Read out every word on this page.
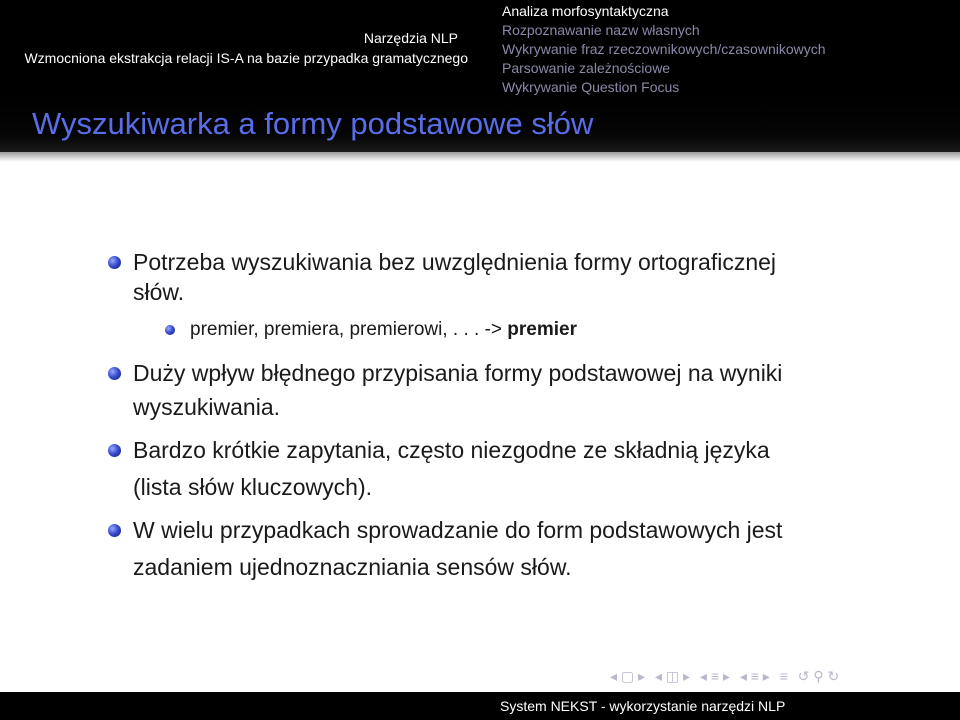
Narzędzia NLP
Wzmocniona ekstrakcja relacji IS-A na bazie przypadka gramatycznego
Analiza morfosyntaktyczna
Rozpoznawanie nazw własnych
Wykrywanie fraz rzeczownikowych/czasownikowych
Parsowanie zależnościowe
Wykrywanie Question Focus
Wyszukiwarka a formy podstawowe słów
Potrzeba wyszukiwania bez uwzględnienia formy ortograficznej
słów.
premier, premiera, premierowi, . . . -> premier
Duży wpływ błędnego przypisania formy podstawowej na wyniki
wyszukiwania.
Bardzo krótkie zapytania, często niezgodne ze składnią języka
(lista słów kluczowych).
W wielu przypadkach sprowadzanie do form podstawowych jest
zadaniem ujednoznaczniania sensów słów.
◂ ▢ ▸ ◂ ◫ ▸ ◂ ≡ ▸ ◂ ≡ ▸ ≡ ↺ ⚲ ↻
System NEKST - wykorzystanie narzędzi NLP
